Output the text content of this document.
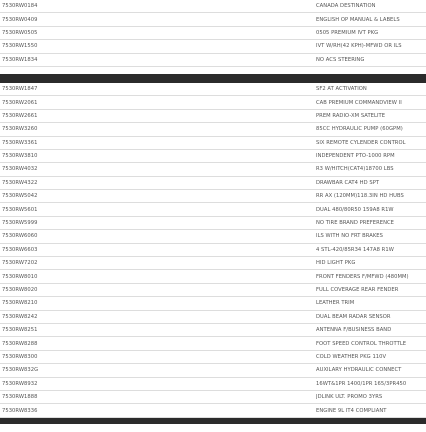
7530RW0184	CANADA DESTINATION
7530RW0409	ENGLISH OP MANUAL & LABELS
7530RW0505	0505 PREMIUM IVT PKG
7530RW1550	IVT W/RH(42 KPH)-MFWD OR ILS
7530RW1834	NO ACS STEERING
7530RW1847	SF2 AT ACTIVATION
7530RW2061	CAB PREMIUM COMMANDVIEW II
7530RW2661	PREM RADIO-XM SATELITE
7530RW3260	85CC HYDRAULIC PUMP (60GPM)
7530RW3361	SIX REMOTE CYLENDER CONTROL
7530RW3810	INDEPENDENT PTO-1000 RPM
7530RW4032	R3 W/HITCH(CAT4)18700 LBS
7530RW4322	DRAWBAR CAT4 HD SPT
7530RW5042	RR AX (120MM)118.3IN HD HUBS
7530RW5601	DUAL 480/80R50 159A8 R1W
7530RW5999	NO TIRE BRAND PREFERENCE
7530RW6060	ILS WITH NO FRT BRAKES
7530RW6603	4 STL-420/85R34 147A8 R1W
7530RW7202	HID LIGHT PKG
7530RW8010	FRONT FENDERS F/MFWD (480MM)
7530RW8020	FULL COVERAGE REAR FENDER
7530RW8210	LEATHER TRIM
7530RW8242	DUAL BEAM RADAR SENSOR
7530RW8251	ANTENNA F/BUSINESS BAND
7530RW8288	FOOT SPEED CONTROL THROTTLE
7530RW8300	COLD WEATHER PKG 110V
7530RW832G	AUXILARY HYDRAULIC CONNECT
7530RW8932	16WT&1PR 1400/1PR 165/3PR450
7530RW1888	JDLINK ULT. PROMO 3YRS
7530RW8336	ENGINE 9L IT4 COMPLIANT
